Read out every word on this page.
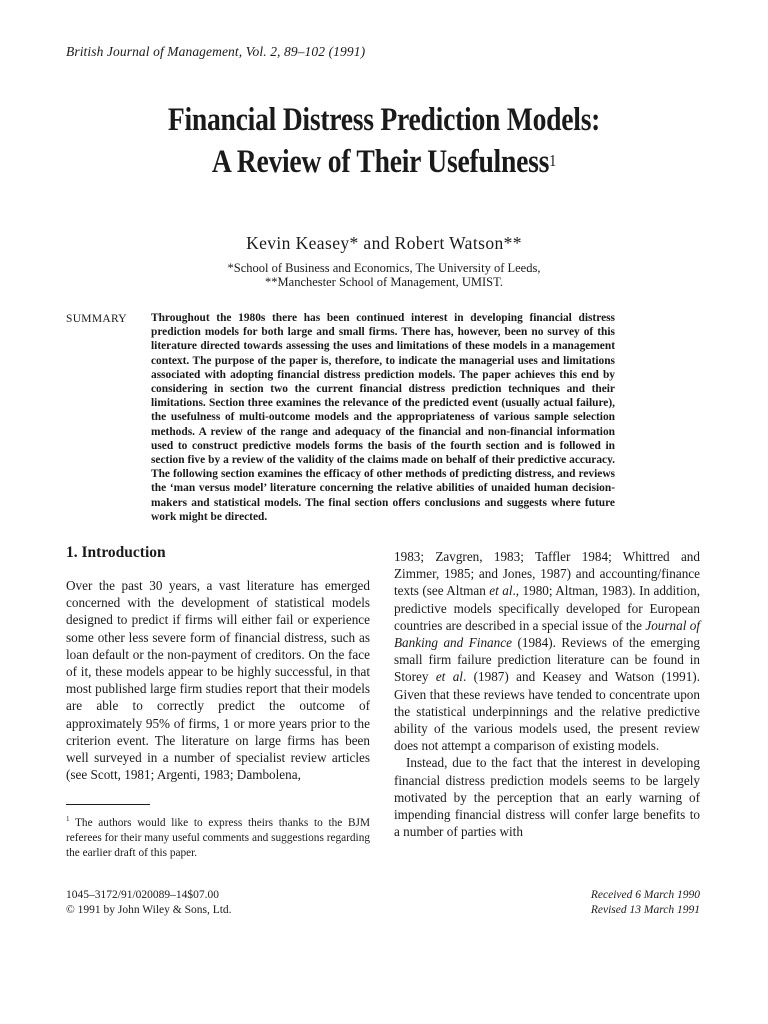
British Journal of Management, Vol. 2, 89–102 (1991)
Financial Distress Prediction Models:
A Review of Their Usefulness$^1$
Kevin Keasey* and Robert Watson**
*School of Business and Economics, The University of Leeds,
**Manchester School of Management, UMIST.
SUMMARY Throughout the 1980s there has been continued interest in developing financial distress prediction models for both large and small firms. There has, however, been no survey of this literature directed towards assessing the uses and limitations of these models in a management context. The purpose of the paper is, therefore, to indicate the managerial uses and limitations associated with adopting financial distress prediction models. The paper achieves this end by considering in section two the current financial distress prediction techniques and their limitations. Section three examines the relevance of the predicted event (usually actual failure), the usefulness of multi-outcome models and the appropriateness of various sample selection methods. A review of the range and adequacy of the financial and non-financial information used to construct predictive models forms the basis of the fourth section and is followed in section five by a review of the validity of the claims made on behalf of their predictive accuracy. The following section examines the efficacy of other methods of predicting distress, and reviews the ‘man versus model’ literature concerning the relative abilities of unaided human decision-makers and statistical models. The final section offers conclusions and suggests where future work might be directed.
1. Introduction

Over the past 30 years, a vast literature has emerged concerned with the development of statistical models designed to predict if firms will either fail or experience some other less severe form of financial distress, such as loan default or the non-payment of creditors. On the face of it, these models appear to be highly successful, in that most published large firm studies report that their models are able to correctly predict the outcome of approximately 95% of firms, 1 or more years prior to the criterion event. The literature on large firms has been well surveyed in a number of specialist review articles (see Scott, 1981; Argenti, 1983; Dambolena,

1983; Zavgren, 1983; Taffler 1984; Whittred and Zimmer, 1985; and Jones, 1987) and accounting/finance texts (see Altman et al., 1980; Altman, 1983). In addition, predictive models specifically developed for European countries are described in a special issue of the Journal of Banking and Finance (1984). Reviews of the emerging small firm failure prediction literature can be found in Storey et al. (1987) and Keasey and Watson (1991). Given that these reviews have tended to concentrate upon the statistical underpinnings and the relative predictive ability of the various models used, the present review does not attempt a comparison of existing models.

Instead, due to the fact that the interest in developing financial distress prediction models seems to be largely motivated by the perception that an early warning of impending financial distress will confer large benefits to a number of parties with

$^1$ The authors would like to express theirs thanks to the BJM referees for their many useful comments and suggestions regarding the earlier draft of this paper.
1045–3172/91/020089–14$07.00
© 1991 by John Wiley & Sons, Ltd.
Received 6 March 1990
Revised 13 March 1991
